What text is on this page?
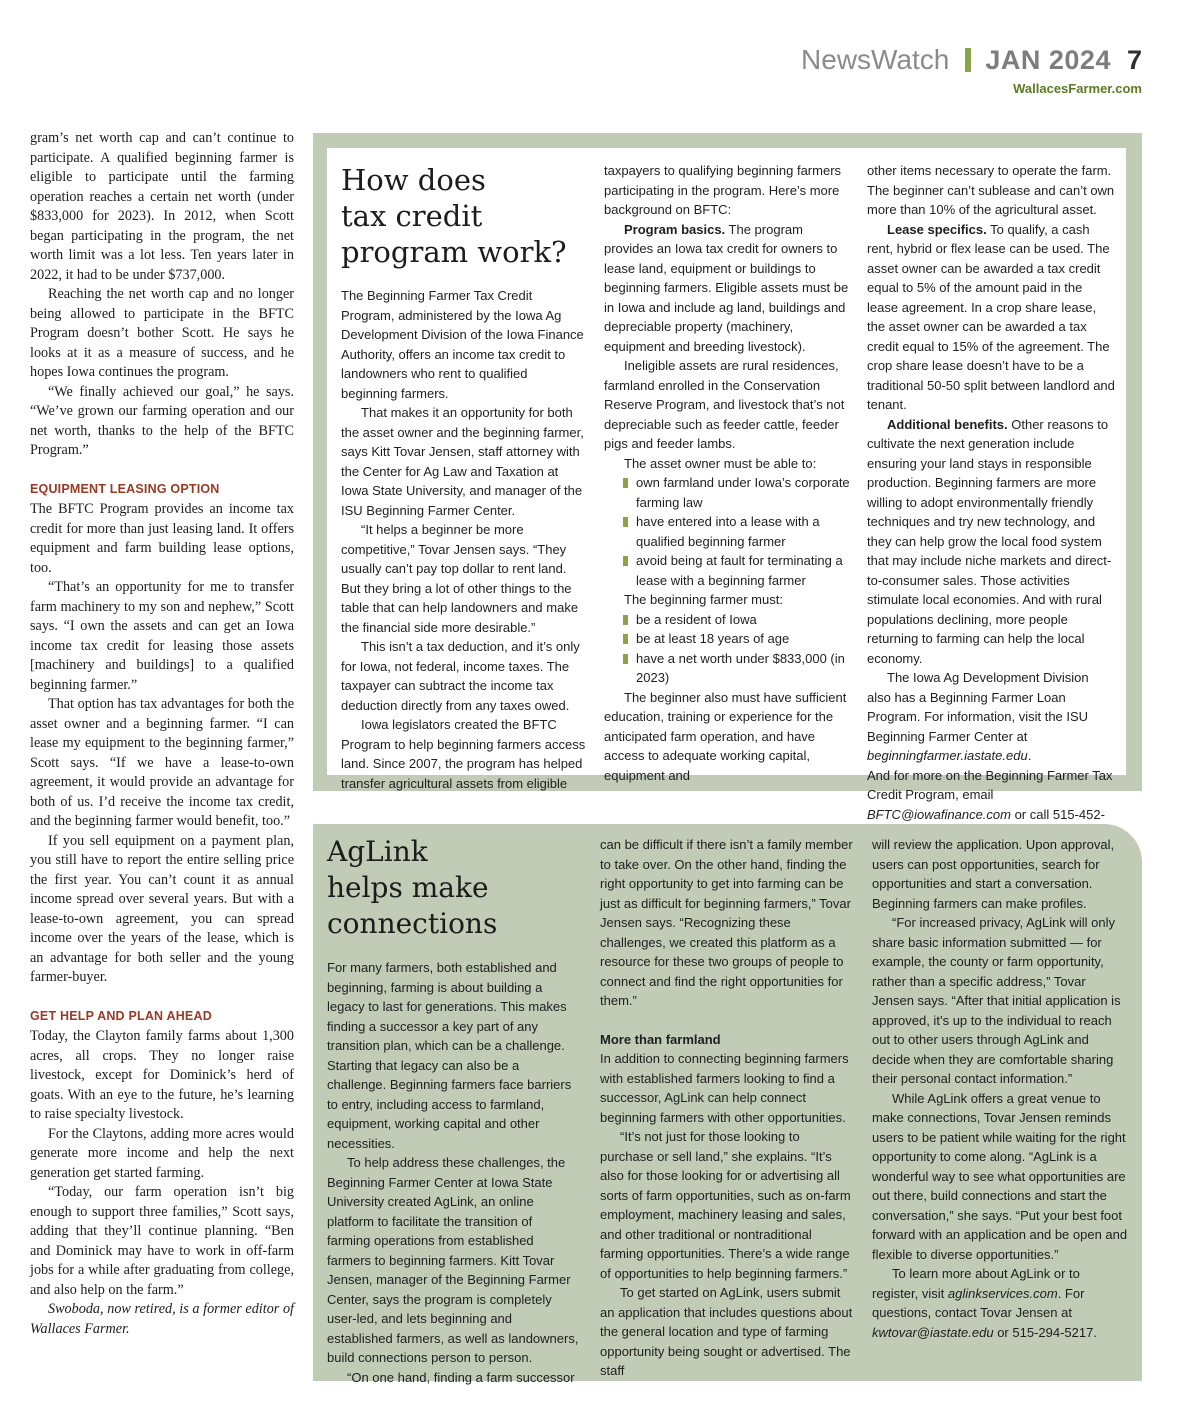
NewsWatch JAN 2024 7
WallacesFarmer.com

gram’s net worth cap and can’t continue to participate. A qualified beginning farmer is eligible to participate until the farming operation reaches a certain net worth (under $833,000 for 2023). In 2012, when Scott began participating in the program, the net worth limit was a lot less. Ten years later in 2022, it had to be under $737,000.

Reaching the net worth cap and no longer being allowed to participate in the BFTC Program doesn’t bother Scott. He says he looks at it as a measure of success, and he hopes Iowa continues the program.

“We finally achieved our goal,” he says. “We’ve grown our farming operation and our net worth, thanks to the help of the BFTC Program.”

EQUIPMENT LEASING OPTION

The BFTC Program provides an income tax credit for more than just leasing land. It offers equipment and farm building lease options, too.

“That’s an opportunity for me to transfer farm machinery to my son and nephew,” Scott says. “I own the assets and can get an Iowa income tax credit for leasing those assets [machinery and buildings] to a qualified beginning farmer.”

That option has tax advantages for both the asset owner and a beginning farmer. “I can lease my equipment to the beginning farmer,” Scott says. “If we have a lease-to-own agreement, it would provide an advantage for both of us. I’d receive the income tax credit, and the beginning farmer would benefit, too.”

If you sell equipment on a payment plan, you still have to report the entire selling price the first year. You can’t count it as annual income spread over several years. But with a lease-to-own agreement, you can spread income over the years of the lease, which is an advantage for both seller and the young farmer-buyer.

GET HELP AND PLAN AHEAD

Today, the Clayton family farms about 1,300 acres, all crops. They no longer raise livestock, except for Dominick’s herd of goats. With an eye to the future, he’s learning to raise specialty livestock.

For the Claytons, adding more acres would generate more income and help the next generation get started farming.

“Today, our farm operation isn’t big enough to support three families,” Scott says, adding that they’ll continue planning. “Ben and Dominick may have to work in off-farm jobs for a while after graduating from college, and also help on the farm.”

Swoboda, now retired, is a former editor of Wallaces Farmer.

How does
tax credit
program work?

The Beginning Farmer Tax Credit Program, administered by the Iowa Ag Development Division of the Iowa Finance Authority, offers an income tax credit to landowners who rent to qualified beginning farmers.

That makes it an opportunity for both the asset owner and the beginning farmer, says Kitt Tovar Jensen, staff attorney with the Center for Ag Law and Taxation at Iowa State University, and manager of the ISU Beginning Farmer Center.

“It helps a beginner be more competitive,” Tovar Jensen says. “They usually can’t pay top dollar to rent land. But they bring a lot of other things to the table that can help landowners and make the financial side more desirable.”

This isn’t a tax deduction, and it’s only for Iowa, not federal, income taxes. The taxpayer can subtract the income tax deduction directly from any taxes owed.

Iowa legislators created the BFTC Program to help beginning farmers access land. Since 2007, the program has helped transfer agricultural assets from eligible

taxpayers to qualifying beginning farmers participating in the program. Here’s more background on BFTC:

Program basics. The program provides an Iowa tax credit for owners to lease land, equipment or buildings to beginning farmers. Eligible assets must be in Iowa and include ag land, buildings and depreciable property (machinery, equipment and breeding livestock).

Ineligible assets are rural residences, farmland enrolled in the Conservation Reserve Program, and livestock that’s not depreciable such as feeder cattle, feeder pigs and feeder lambs.

The asset owner must be able to:

own farmland under Iowa’s corporate farming law
have entered into a lease with a qualified beginning farmer
avoid being at fault for terminating a lease with a beginning farmer

The beginning farmer must:

be a resident of Iowa
be at least 18 years of age
have a net worth under $833,000 (in 2023)

The beginner also must have sufficient education, training or experience for the anticipated farm operation, and have access to adequate working capital, equipment and

other items necessary to operate the farm. The beginner can’t sublease and can’t own more than 10% of the agricultural asset.

Lease specifics. To qualify, a cash rent, hybrid or flex lease can be used. The asset owner can be awarded a tax credit equal to 5% of the amount paid in the lease agreement. In a crop share lease, the asset owner can be awarded a tax credit equal to 15% of the agreement. The crop share lease doesn’t have to be a traditional 50-50 split between landlord and tenant.

Additional benefits. Other reasons to cultivate the next generation include ensuring your land stays in responsible production. Beginning farmers are more willing to adopt environmentally friendly techniques and try new technology, and they can help grow the local food system that may include niche markets and direct-to-consumer sales. Those activities stimulate local economies. And with rural populations declining, more people returning to farming can help the local economy.

The Iowa Ag Development Division also has a Beginning Farmer Loan Program. For information, visit the ISU Beginning Farmer Center at beginningfarmer.iastate.edu.

And for more on the Beginning Farmer Tax Credit Program, email BFTC@iowafinance.com or call 515-452-

AgLink
helps make
connections

For many farmers, both established and beginning, farming is about building a legacy to last for generations. This makes finding a successor a key part of any transition plan, which can be a challenge. Starting that legacy can also be a challenge. Beginning farmers face barriers to entry, including access to farmland, equipment, working capital and other necessities.

To help address these challenges, the Beginning Farmer Center at Iowa State University created AgLink, an online platform to facilitate the transition of farming operations from established farmers to beginning farmers. Kitt Tovar Jensen, manager of the Beginning Farmer Center, says the program is completely user-led, and lets beginning and established farmers, as well as landowners, build connections person to person.

“On one hand, finding a farm successor

can be difficult if there isn’t a family member to take over. On the other hand, finding the right opportunity to get into farming can be just as difficult for beginning farmers,” Tovar Jensen says. “Recognizing these challenges, we created this platform as a resource for these two groups of people to connect and find the right opportunities for them.”

More than farmland

In addition to connecting beginning farmers with established farmers looking to find a successor, AgLink can help connect beginning farmers with other opportunities.

“It’s not just for those looking to purchase or sell land,” she explains. “It’s also for those looking for or advertising all sorts of farm opportunities, such as on-farm employment, machinery leasing and sales, and other traditional or nontraditional farming opportunities. There’s a wide range of opportunities to help beginning farmers.”

To get started on AgLink, users submit an application that includes questions about the general location and type of farming opportunity being sought or advertised. The staff

will review the application. Upon approval, users can post opportunities, search for opportunities and start a conversation. Beginning farmers can make profiles.

“For increased privacy, AgLink will only share basic information submitted — for example, the county or farm opportunity, rather than a specific address,” Tovar Jensen says. “After that initial application is approved, it’s up to the individual to reach out to other users through AgLink and decide when they are comfortable sharing their personal contact information.”

While AgLink offers a great venue to make connections, Tovar Jensen reminds users to be patient while waiting for the right opportunity to come along. “AgLink is a wonderful way to see what opportunities are out there, build connections and start the conversation,” she says. “Put your best foot forward with an application and be open and flexible to diverse opportunities.”

To learn more about AgLink or to register, visit aglinkservices.com. For questions, contact Tovar Jensen at kwtovar@iastate.edu or 515-294-5217.
